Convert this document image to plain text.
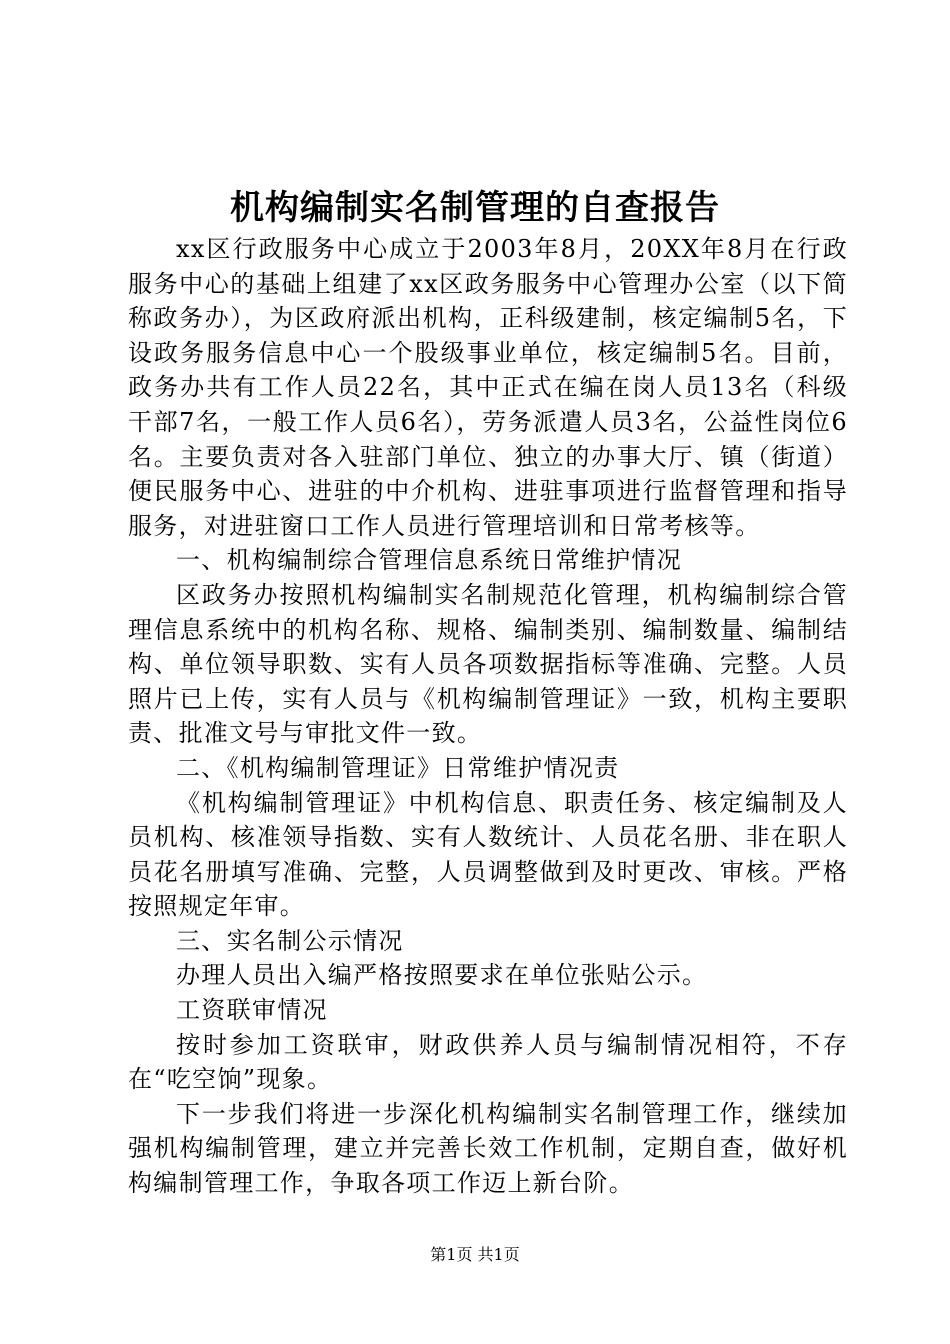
机构编制实名制管理的自查报告

xx区行政服务中心成立于2003年8月，20XX年8月在行政服务中心的基础上组建了xx区政务服务中心管理办公室（以下简称政务办），为区政府派出机构，正科级建制，核定编制5名，下设政务服务信息中心一个股级事业单位，核定编制5名。目前，政务办共有工作人员22名，其中正式在编在岗人员13名（科级干部7名，一般工作人员6名），劳务派遣人员3名，公益性岗位6名。主要负责对各入驻部门单位、独立的办事大厅、镇（街道）便民服务中心、进驻的中介机构、进驻事项进行监督管理和指导服务，对进驻窗口工作人员进行管理培训和日常考核等。

一、机构编制综合管理信息系统日常维护情况

区政务办按照机构编制实名制规范化管理，机构编制综合管理信息系统中的机构名称、规格、编制类别、编制数量、编制结构、单位领导职数、实有人员各项数据指标等准确、完整。人员照片已上传，实有人员与《机构编制管理证》一致，机构主要职责、批准文号与审批文件一致。

二、《机构编制管理证》日常维护情况责

《机构编制管理证》中机构信息、职责任务、核定编制及人员机构、核准领导指数、实有人数统计、人员花名册、非在职人员花名册填写准确、完整，人员调整做到及时更改、审核。严格按照规定年审。

三、实名制公示情况

办理人员出入编严格按照要求在单位张贴公示。

工资联审情况

按时参加工资联审，财政供养人员与编制情况相符，不存在“吃空饷”现象。

下一步我们将进一步深化机构编制实名制管理工作，继续加强机构编制管理，建立并完善长效工作机制，定期自查，做好机构编制管理工作，争取各项工作迈上新台阶。

第1页 共1页
